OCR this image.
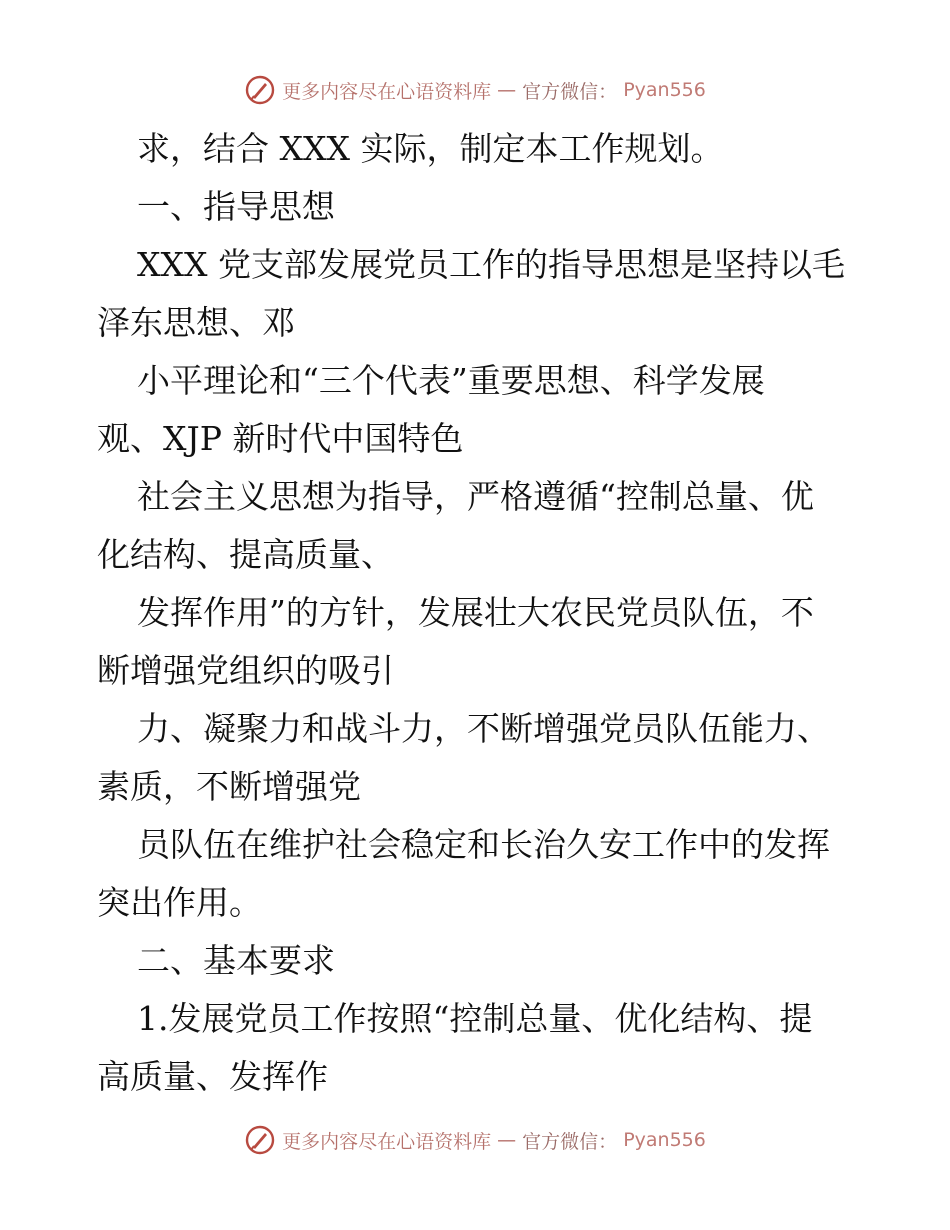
更多内容尽在心语资料库 — 官方微信： Pyan556
求，结合 XXX 实际，制定本工作规划。
一、指导思想
XXX 党支部发展党员工作的指导思想是坚持以毛
泽东思想、邓
小平理论和“三个代表”重要思想、科学发展
观、XJP 新时代中国特色
社会主义思想为指导，严格遵循“控制总量、优
化结构、提高质量、
发挥作用”的方针，发展壮大农民党员队伍，不
断增强党组织的吸引
力、凝聚力和战斗力，不断增强党员队伍能力、
素质，不断增强党
员队伍在维护社会稳定和长治久安工作中的发挥
突出作用。
二、基本要求
1.发展党员工作按照“控制总量、优化结构、提
高质量、发挥作
更多内容尽在心语资料库 — 官方微信： Pyan556
